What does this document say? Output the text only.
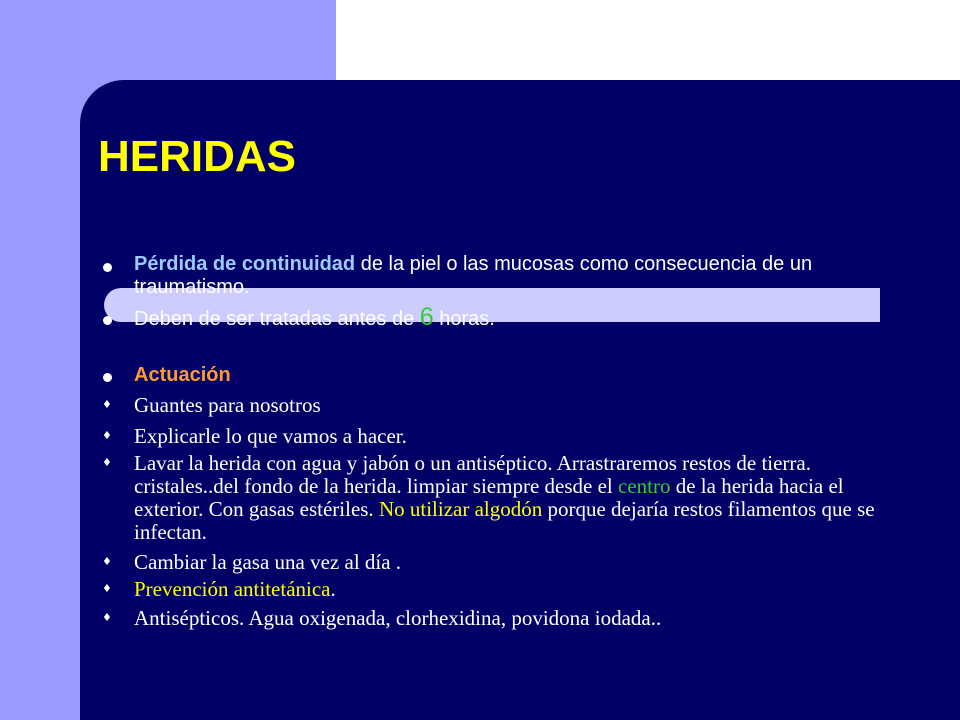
HERIDAS
Pérdida de continuidad de la piel o las mucosas como consecuencia de un traumatismo.
Deben de ser tratadas antes de 6 horas.
Actuación
♦ Guantes para nosotros
♦ Explicarle lo que vamos a hacer.
♦ Lavar la herida con agua y jabón o un antiséptico. Arrastraremos restos de tierra. cristales..del fondo de la herida. limpiar siempre desde el centro de la herida hacia el exterior. Con gasas estériles. No utilizar algodón porque dejaría restos filamentos que se infectan.
♦ Cambiar la gasa una vez al día .
♦ Prevención antitetánica.
♦ Antisépticos. Agua oxigenada, clorhexidina, povidona iodada..
